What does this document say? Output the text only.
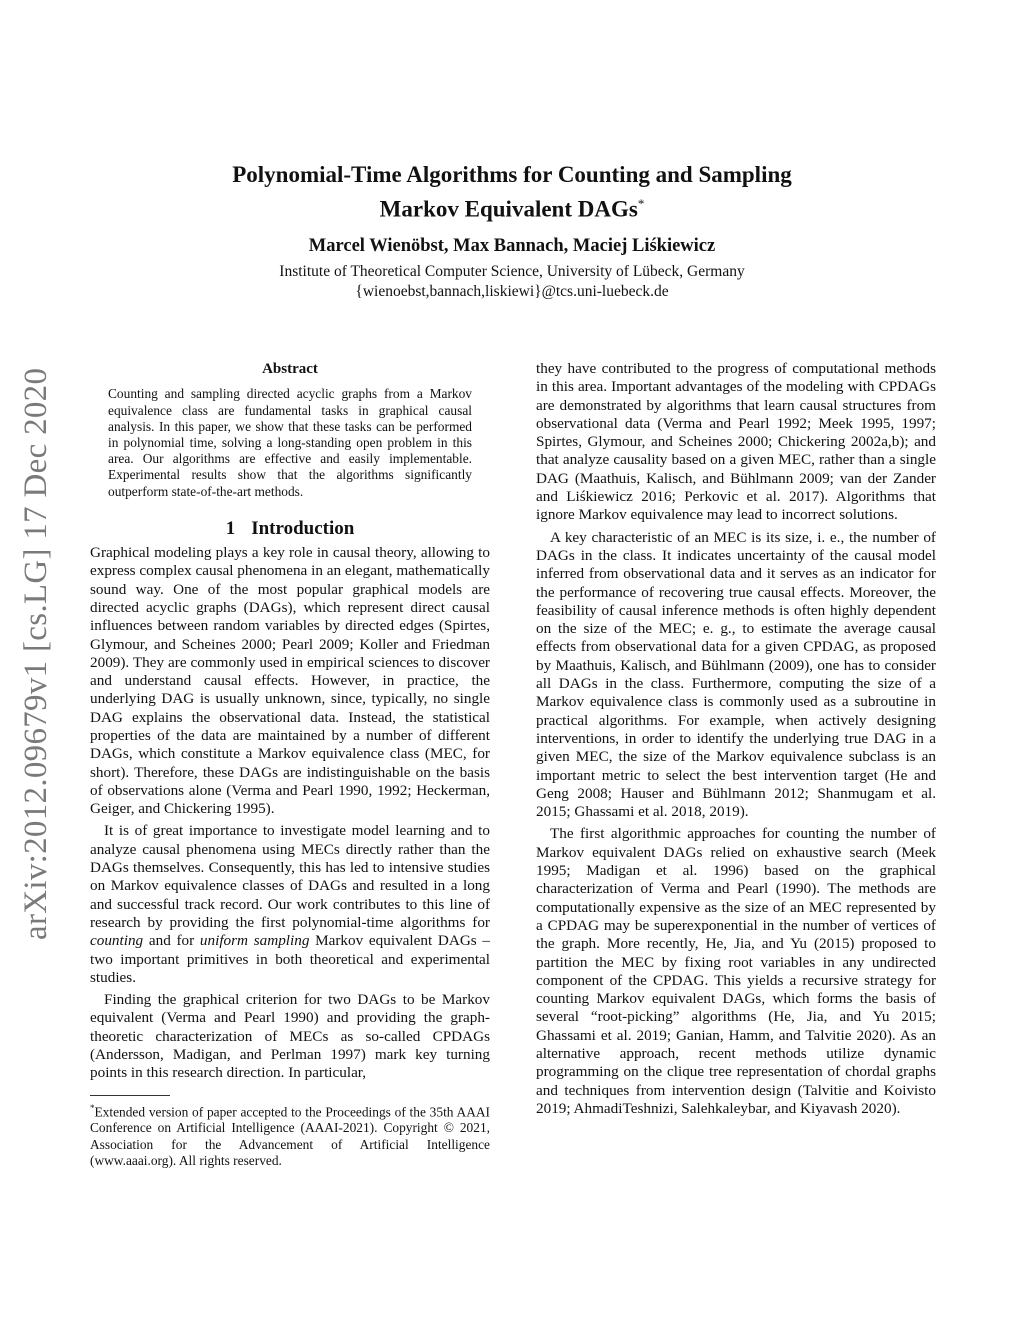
arXiv:2012.09679v1 [cs.LG] 17 Dec 2020
Polynomial-Time Algorithms for Counting and Sampling
Markov Equivalent DAGs*
Marcel Wienöbst, Max Bannach, Maciej Liśkiewicz
Institute of Theoretical Computer Science, University of Lübeck, Germany
{wienoebst,bannach,liskiewi}@tcs.uni-luebeck.de
Abstract
Counting and sampling directed acyclic graphs from a Markov equivalence class are fundamental tasks in graphical causal analysis. In this paper, we show that these tasks can be performed in polynomial time, solving a long-standing open problem in this area. Our algorithms are effective and easily implementable. Experimental results show that the algorithms significantly outperform state-of-the-art methods.
1 Introduction

Graphical modeling plays a key role in causal theory, allowing to express complex causal phenomena in an elegant, mathematically sound way. One of the most popular graphical models are directed acyclic graphs (DAGs), which represent direct causal influences between random variables by directed edges (Spirtes, Glymour, and Scheines 2000; Pearl 2009; Koller and Friedman 2009). They are commonly used in empirical sciences to discover and understand causal effects. However, in practice, the underlying DAG is usually unknown, since, typically, no single DAG explains the observational data. Instead, the statistical properties of the data are maintained by a number of different DAGs, which constitute a Markov equivalence class (MEC, for short). Therefore, these DAGs are indistinguishable on the basis of observations alone (Verma and Pearl 1990, 1992; Heckerman, Geiger, and Chickering 1995).

It is of great importance to investigate model learning and to analyze causal phenomena using MECs directly rather than the DAGs themselves. Consequently, this has led to intensive studies on Markov equivalence classes of DAGs and resulted in a long and successful track record. Our work contributes to this line of research by providing the first polynomial-time algorithms for counting and for uniform sampling Markov equivalent DAGs – two important primitives in both theoretical and experimental studies.

Finding the graphical criterion for two DAGs to be Markov equivalent (Verma and Pearl 1990) and providing the graph-theoretic characterization of MECs as so-called CPDAGs (Andersson, Madigan, and Perlman 1997) mark key turning points in this research direction. In particular,

*Extended version of paper accepted to the Proceedings of the 35th AAAI Conference on Artificial Intelligence (AAAI-2021). Copyright © 2021, Association for the Advancement of Artificial Intelligence (www.aaai.org). All rights reserved.

they have contributed to the progress of computational methods in this area. Important advantages of the modeling with CPDAGs are demonstrated by algorithms that learn causal structures from observational data (Verma and Pearl 1992; Meek 1995, 1997; Spirtes, Glymour, and Scheines 2000; Chickering 2002a,b); and that analyze causality based on a given MEC, rather than a single DAG (Maathuis, Kalisch, and Bühlmann 2009; van der Zander and Liśkiewicz 2016; Perkovic et al. 2017). Algorithms that ignore Markov equivalence may lead to incorrect solutions.

A key characteristic of an MEC is its size, i. e., the number of DAGs in the class. It indicates uncertainty of the causal model inferred from observational data and it serves as an indicator for the performance of recovering true causal effects. Moreover, the feasibility of causal inference methods is often highly dependent on the size of the MEC; e. g., to estimate the average causal effects from observational data for a given CPDAG, as proposed by Maathuis, Kalisch, and Bühlmann (2009), one has to consider all DAGs in the class. Furthermore, computing the size of a Markov equivalence class is commonly used as a subroutine in practical algorithms. For example, when actively designing interventions, in order to identify the underlying true DAG in a given MEC, the size of the Markov equivalence subclass is an important metric to select the best intervention target (He and Geng 2008; Hauser and Bühlmann 2012; Shanmugam et al. 2015; Ghassami et al. 2018, 2019).

The first algorithmic approaches for counting the number of Markov equivalent DAGs relied on exhaustive search (Meek 1995; Madigan et al. 1996) based on the graphical characterization of Verma and Pearl (1990). The methods are computationally expensive as the size of an MEC represented by a CPDAG may be superexponential in the number of vertices of the graph. More recently, He, Jia, and Yu (2015) proposed to partition the MEC by fixing root variables in any undirected component of the CPDAG. This yields a recursive strategy for counting Markov equivalent DAGs, which forms the basis of several “root-picking” algorithms (He, Jia, and Yu 2015; Ghassami et al. 2019; Ganian, Hamm, and Talvitie 2020). As an alternative approach, recent methods utilize dynamic programming on the clique tree representation of chordal graphs and techniques from intervention design (Talvitie and Koivisto 2019; AhmadiTeshnizi, Salehkaleybar, and Kiyavash 2020).
